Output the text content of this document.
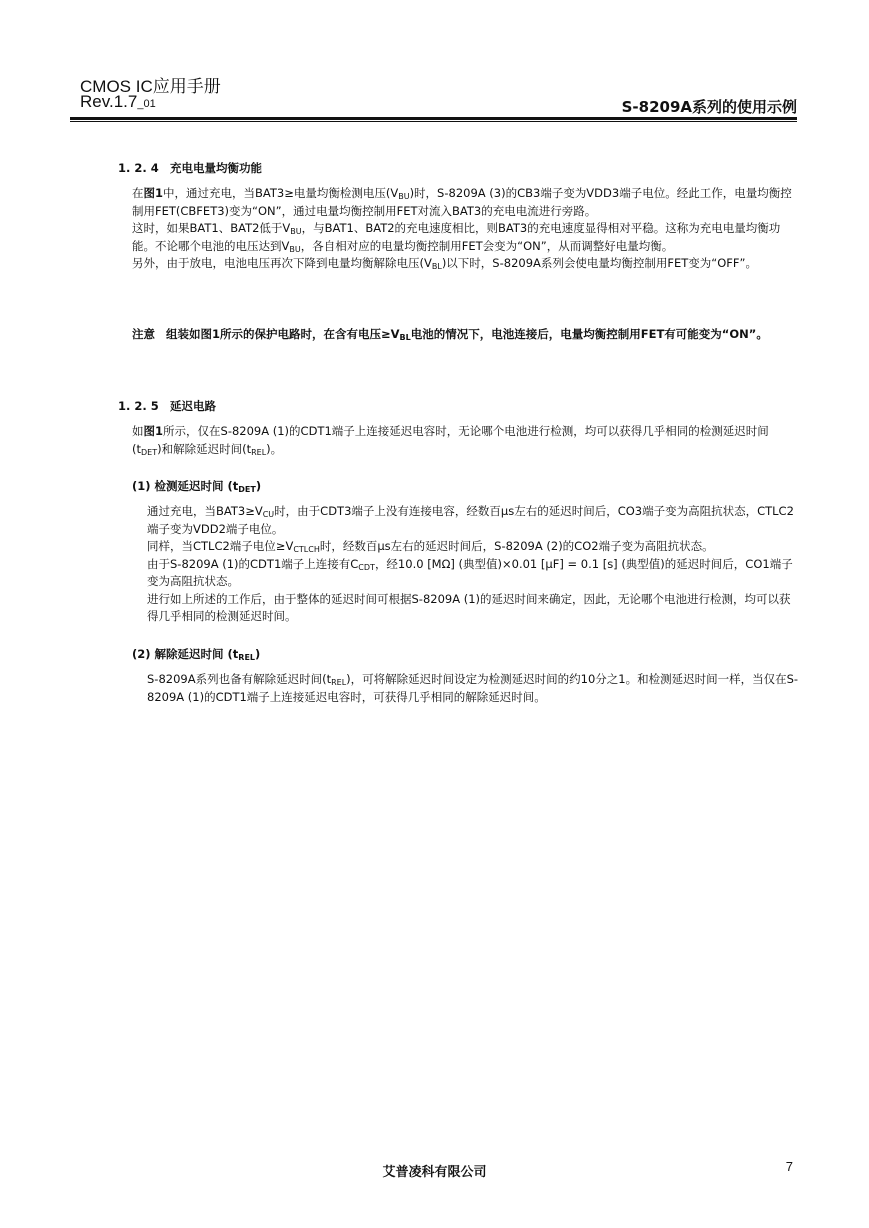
CMOS IC应用手册
Rev.1.7_01	S-8209A系列的使用示例
1. 2. 4 充电电量均衡功能

在图1中，通过充电，当BAT3≥电量均衡检测电压$(V_{BU})$时，S-8209A (3)的CB3端子变为VDD3端子电位。经此工作，电量均衡控制用FET(CBFET3)变为“ON”，通过电量均衡控制用FET对流入BAT3的充电电流进行旁路。

这时，如果BAT1、BAT2低于$V_{BU}$，与BAT1、BAT2的充电速度相比，则BAT3的充电速度显得相对平稳。这称为充电电量均衡功能。不论哪个电池的电压达到$V_{BU}$，各自相对应的电量均衡控制用FET会变为“ON”，从而调整好电量均衡。

另外，由于放电，电池电压再次下降到电量均衡解除电压$(V_{BL})$以下时，S-8209A系列会使电量均衡控制用FET变为“OFF”。

注意 组装如图1所示的保护电路时，在含有电压$\ge V_{BL}$电池的情况下，电池连接后，电量均衡控制用FET有可能变为“ON”。
1. 2. 5 延迟电路

如图1所示，仅在S-8209A (1)的CDT1端子上连接延迟电容时，无论哪个电池进行检测，均可以获得几乎相同的检测延迟时间$(t_{DET})$和解除延迟时间$(t_{REL})$。

(1) 检测延迟时间 $(t_{DET})$

通过充电，当$BAT3\ge V_{CU}$时，由于CDT3端子上没有连接电容，经数百μs左右的延迟时间后，CO3端子变为高阻抗状态，CTLC2端子变为VDD2端子电位。

同样，当CTLC2端子电位$\ge V_{CTLCH}$时，经数百μs左右的延迟时间后，S-8209A (2)的CO2端子变为高阻抗状态。

由于S-8209A (1)的CDT1端子上连接有$C_{CDT}$，经10.0 [MΩ] (典型值)×0.01 [μF] = 0.1 [s] (典型值)的延迟时间后，CO1端子变为高阻抗状态。

进行如上所述的工作后，由于整体的延迟时间可根据S-8209A (1)的延迟时间来确定，因此，无论哪个电池进行检测，均可以获得几乎相同的检测延迟时间。

(2) 解除延迟时间 $(t_{REL})$

S-8209A系列也备有解除延迟时间$(t_{REL})$，可将解除延迟时间设定为检测延迟时间的约10分之1。和检测延迟时间一样，当仅在S-8209A (1)的CDT1端子上连接延迟电容时，可获得几乎相同的解除延迟时间。

艾普凌科有限公司	7
